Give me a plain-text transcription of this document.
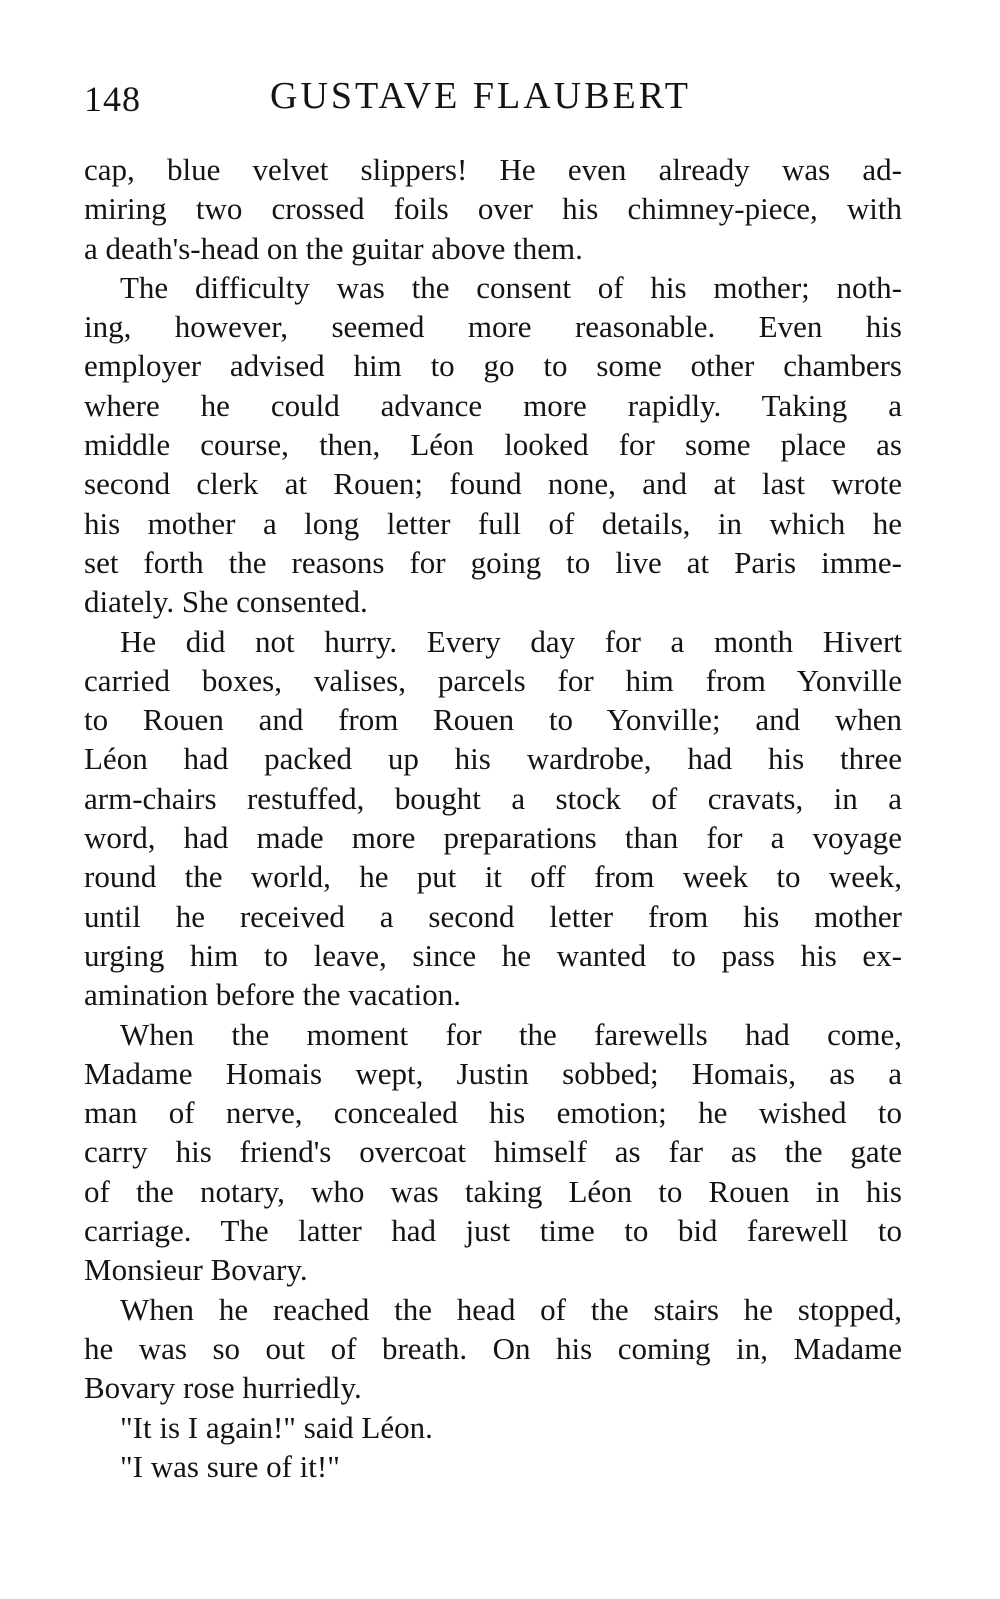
148	GUSTAVE FLAUBERT
cap, blue velvet slippers! He even already was ad-
miring two crossed foils over his chimney-piece, with
a death's-head on the guitar above them.
The difficulty was the consent of his mother; noth-
ing, however, seemed more reasonable. Even his
employer advised him to go to some other chambers
where he could advance more rapidly. Taking a
middle course, then, Léon looked for some place as
second clerk at Rouen; found none, and at last wrote
his mother a long letter full of details, in which he
set forth the reasons for going to live at Paris imme-
diately. She consented.
He did not hurry. Every day for a month Hivert
carried boxes, valises, parcels for him from Yonville
to Rouen and from Rouen to Yonville; and when
Léon had packed up his wardrobe, had his three
arm-chairs restuffed, bought a stock of cravats, in a
word, had made more preparations than for a voyage
round the world, he put it off from week to week,
until he received a second letter from his mother
urging him to leave, since he wanted to pass his ex-
amination before the vacation.
When the moment for the farewells had come,
Madame Homais wept, Justin sobbed; Homais, as a
man of nerve, concealed his emotion; he wished to
carry his friend's overcoat himself as far as the gate
of the notary, who was taking Léon to Rouen in his
carriage. The latter had just time to bid farewell to
Monsieur Bovary.
When he reached the head of the stairs he stopped,
he was so out of breath. On his coming in, Madame
Bovary rose hurriedly.
"It is I again!" said Léon.
"I was sure of it!"
